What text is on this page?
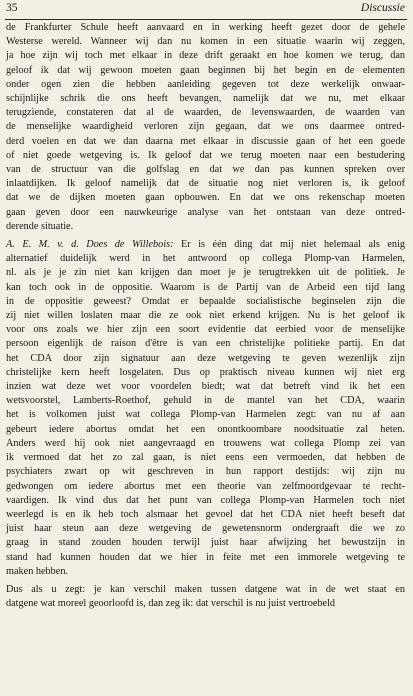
35	Discussie
de Frankfurter Schule heeft aanvaard en in werking heeft gezet door de gehele
Westerse wereld. Wanneer wij dan nu komen in een situatie waarin wij zeggen,
ja hoe zijn wij toch met elkaar in deze drift geraakt en hoe komen we terug, dan
geloof ik dat wij gewoon moeten gaan beginnen bij het begin en de elementen
onder ogen zien die hebben aanleiding gegeven tot deze werkelijk onwaar-
schijnlijke schrik die ons heeft bevangen, namelijk dat we nu, met elkaar
terugziende, constateren dat al de waarden, de levenswaarden, de waarden van
de menselijke waardigheid verloren zijn gegaan, dat we ons daarmee ontred-
derd voelen en dat we dan daarna met elkaar in discussie gaan of het een goede
of niet goede wetgeving is. Ik geloof dat we terug moeten naar een bestudering
van de structuur van die golfslag en dat we dan pas kunnen spreken over
inlaatdijken. Ik geloof namelijk dat de situatie nog niet verloren is, ik geloof
dat we de dijken moeten gaan opbouwen. En dat we ons rekenschap moeten
gaan geven door een nauwkeurige analyse van het ontstaan van deze ontred-
derende situatie.
A. E. M. v. d. Does de Willebois: Er is één ding dat mij niet helemaal als enig
alternatief duidelijk werd in het antwoord op collega Plomp-van Harmelen,
nl. als je je zin niet kan krijgen dan moet je je terugtrekken uit de politiek. Je
kan toch ook in de oppositie. Waarom is de Partij van de Arbeid een tijd lang
in de oppositie geweest? Omdat er bepaalde socialistische beginselen zijn die
zij niet willen loslaten maar die ze ook niet erkend krijgen. Nu is het geloof ik
voor ons zoals we hier zijn een soort evidentie dat eerbied voor de menselijke
persoon eigenlijk de raison d'être is van een christelijke politieke partij. En dat
het CDA door zijn signatuur aan deze wetgeving te geven wezenlijk zijn
christelijke kern heeft losgelaten. Dus op praktisch niveau kunnen wij niet erg
inzien wat deze wet voor voordelen biedt; wat dat betreft vind ik het een
wetsvoorstel, Lamberts-Roethof, gehuld in de mantel van het CDA, waarin
het is volkomen juist wat collega Plomp-van Harmelen zegt: van nu af aan
gebeurt iedere abortus omdat het een onontkoombare noodsituatie zal heten.
Anders werd hij ook niet aangevraagd en trouwens wat collega Plomp zei van
ik vermoed dat het zo zal gaan, is niet eens een vermoeden, dat hebben de
psychiaters zwart op wit geschreven in hun rapport destijds: wij zijn nu
gedwongen om iedere abortus met een theorie van zelfmoordgevaar te recht-
vaardigen. Ik vind dus dat het punt van collega Plomp-van Harmelen toch niet
weerlegd is en ik heb toch alsmaar het gevoel dat het CDA niet heeft beseft dat
juist haar steun aan deze wetgeving de gewetensnorm ondergraaft die we zo
graag in stand zouden houden terwijl juist haar afwijzing het bewustzijn in
stand had kunnen houden dat we hier in feite met een immorele wetgeving te
maken hebben.
Dus als u zegt: je kan verschil maken tussen datgene wat in de wet staat en
datgene wat moreel geoorloofd is, dan zeg ik: dat verschil is nu juist vertroebeld
